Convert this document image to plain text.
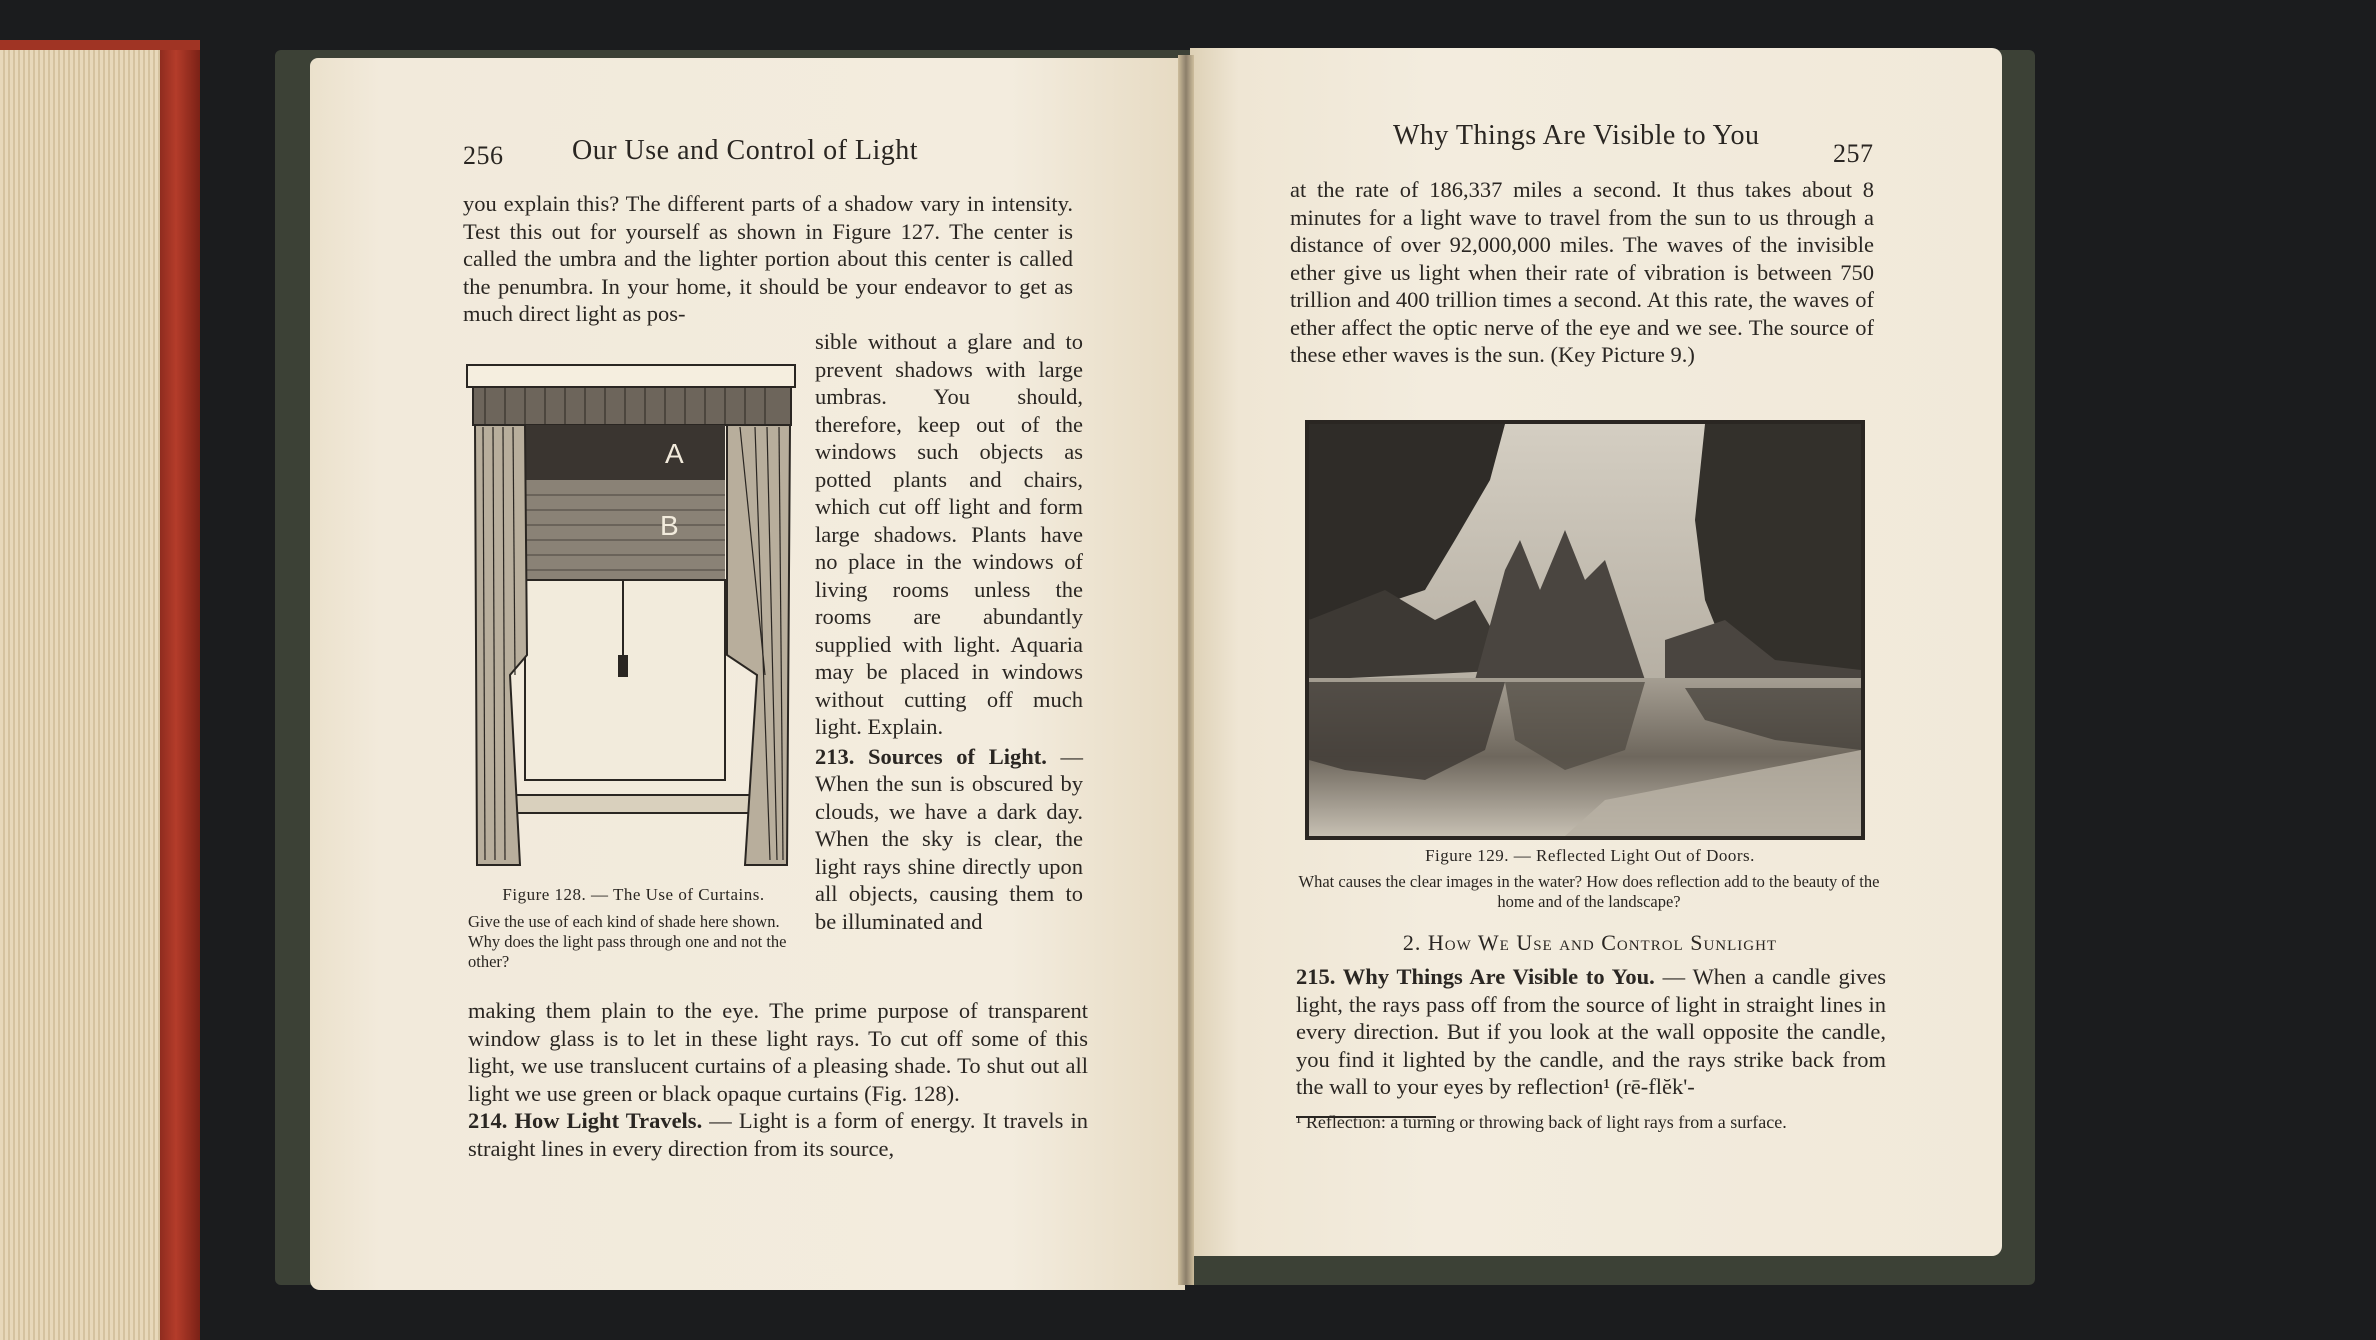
256 Our Use and Control of Light
you explain this? The different parts of a shadow vary in intensity. Test this out for yourself as shown in Figure 127. The center is called the umbra and the lighter portion about this center is called the penumbra. In your home, it should be your endeavor to get as much direct light as pos-
A
B

sible without a glare and to prevent shadows with large umbras. You should, therefore, keep out of the windows such objects as potted plants and chairs, which cut off light and form large shadows. Plants have no place in the windows of living rooms unless the rooms are abundantly supplied with light. Aquaria may be placed in windows without cutting off much light. Explain.

213. Sources of Light. — When the sun is obscured by clouds, we have a dark day. When the sky is clear, the light rays shine directly upon all objects, causing them to be illuminated and

Figure 128. — The Use of Curtains.
Give the use of each kind of shade here shown. Why does the light pass through one and not the other?

making them plain to the eye. The prime purpose of transparent window glass is to let in these light rays. To cut off some of this light, we use translucent curtains of a pleasing shade. To shut out all light we use green or black opaque curtains (Fig. 128).

214. How Light Travels. — Light is a form of energy. It travels in straight lines in every direction from its source,

Why Things Are Visible to You
257
at the rate of 186,337 miles a second. It thus takes about 8 minutes for a light wave to travel from the sun to us through a distance of over 92,000,000 miles. The waves of the invisible ether give us light when their rate of vibration is between 750 trillion and 400 trillion times a second. At this rate, the waves of ether affect the optic nerve of the eye and we see. The source of these ether waves is the sun. (Key Picture 9.)
Figure 129. — Reflected Light Out of Doors.
What causes the clear images in the water? How does reflection add to the beauty of the home and of the landscape?
2. How We Use and Control Sunlight
215. Why Things Are Visible to You. — When a candle gives light, the rays pass off from the source of light in straight lines in every direction. But if you look at the wall opposite the candle, you find it lighted by the candle, and the rays strike back from the wall to your eyes by reflection¹ (rē-flĕk'-
¹ Reflection: a turning or throwing back of light rays from a surface.
